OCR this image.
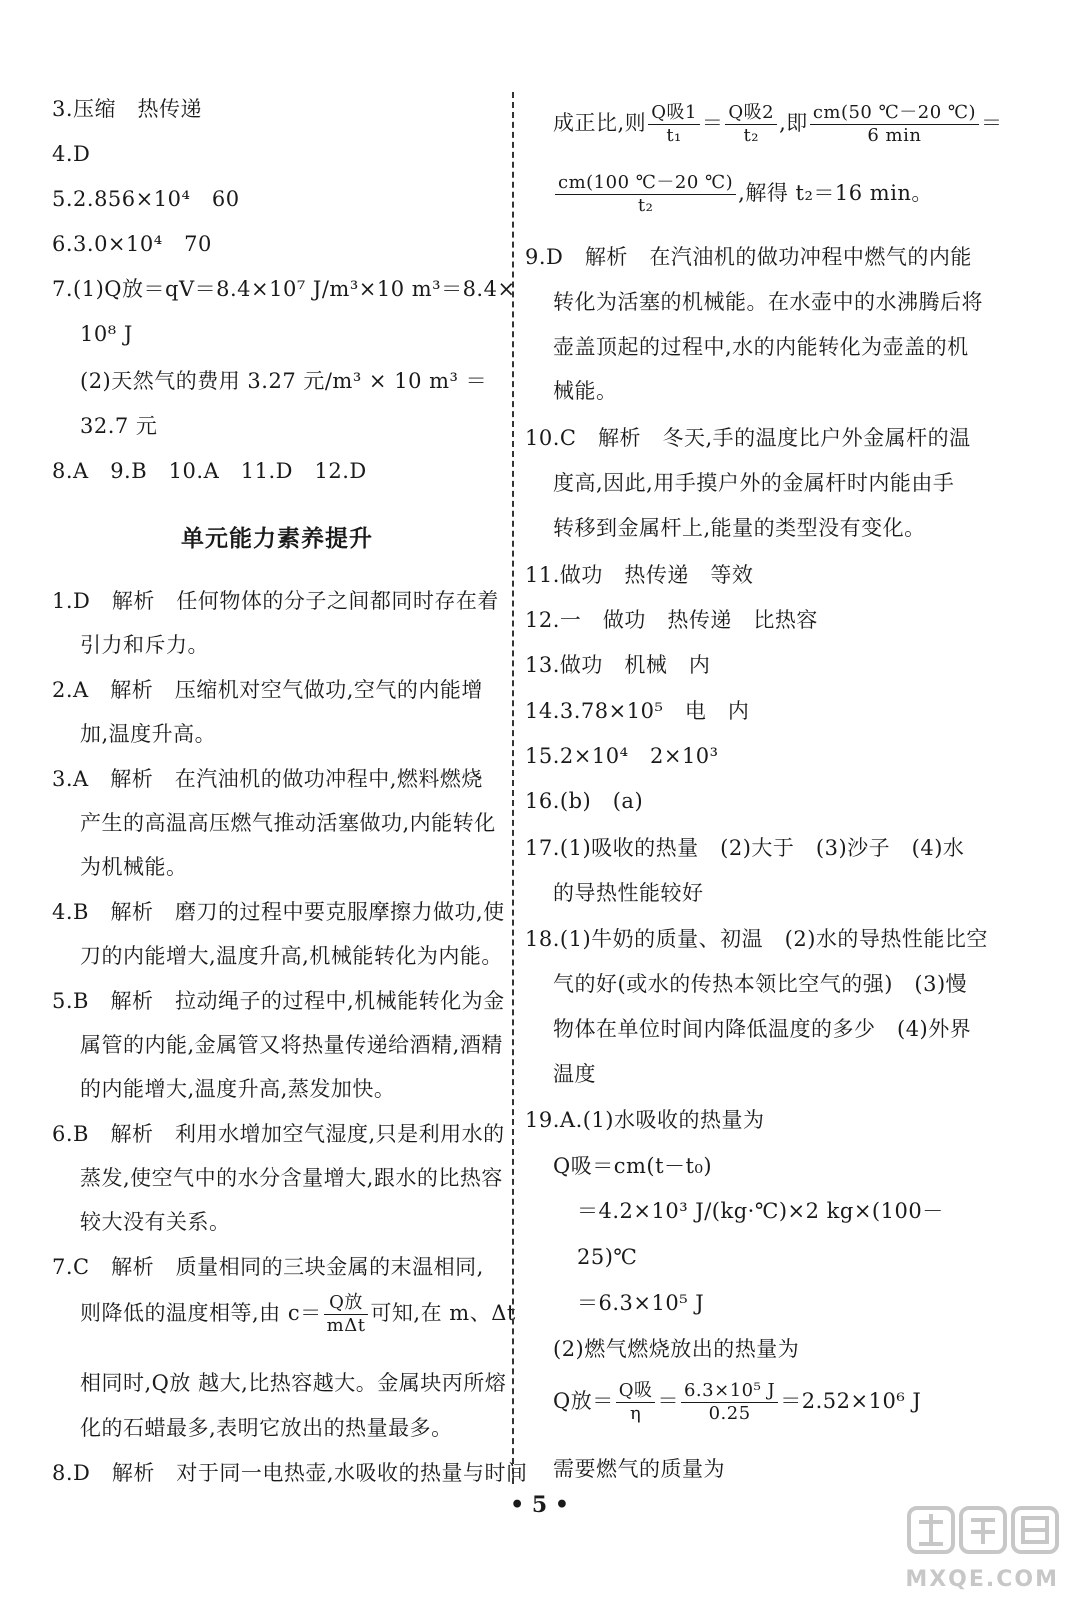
3.压缩　热传递
4.D
5.2.856×10⁴　60
6.3.0×10⁴　70
7.(1)Q放＝qV＝8.4×10⁷ J/m³×10 m³＝8.4×
10⁸ J
(2)天然气的费用 3.27 元/m³ × 10 m³ ＝
32.7 元
8.A　9.B　10.A　11.D　12.D
单元能力素养提升
1.D　解析　任何物体的分子之间都同时存在着
引力和斥力。
2.A　解析　压缩机对空气做功,空气的内能增
加,温度升高。
3.A　解析　在汽油机的做功冲程中,燃料燃烧
产生的高温高压燃气推动活塞做功,内能转化
为机械能。
4.B　解析　磨刀的过程中要克服摩擦力做功,使
刀的内能增大,温度升高,机械能转化为内能。
5.B　解析　拉动绳子的过程中,机械能转化为金
属管的内能,金属管又将热量传递给酒精,酒精
的内能增大,温度升高,蒸发加快。
6.B　解析　利用水增加空气湿度,只是利用水的
蒸发,使空气中的水分含量增大,跟水的比热容
较大没有关系。
7.C　解析　质量相同的三块金属的末温相同,
则降低的温度相等,由 $c= \frac{\text{Q放}}{\text{mΔt}}$ 可知,在 m、Δt
相同时,Q放 越大,比热容越大。金属块丙所熔
化的石蜡最多,表明它放出的热量最多。
8.D　解析　对于同一电热壶,水吸收的热量与时间
成正比,则 $\frac{\text{Q吸1}}{\text{t₁}} = \frac{\text{Q吸2}}{\text{t₂}}$ ,即 $\frac{cm(50 ℃-20 ℃)}{6 \min}$ ＝
$\frac{cm(100 ℃-20 ℃)}{\text{t₂}}$ ,解得 t₂＝16 min。
9.D　解析　在汽油机的做功冲程中燃气的内能
转化为活塞的机械能。在水壶中的水沸腾后将
壶盖顶起的过程中,水的内能转化为壶盖的机
械能。
10.C　解析　冬天,手的温度比户外金属杆的温
度高,因此,用手摸户外的金属杆时内能由手
转移到金属杆上,能量的类型没有变化。
11.做功　热传递　等效
12.一　做功　热传递　比热容
13.做功　机械　内
14.3.78×10⁵　电　内
15.2×10⁴　2×10³
16.(b)　(a)
17.(1)吸收的热量　(2)大于　(3)沙子　(4)水
的导热性能较好
18.(1)牛奶的质量、初温　(2)水的导热性能比空
气的好(或水的传热本领比空气的强)　(3)慢
物体在单位时间内降低温度的多少　(4)外界
温度
19.A.(1)水吸收的热量为
Q吸＝cm(t－t₀)
＝4.2×10³ J/(kg·℃)×2 kg×(100－
25)℃
＝6.3×10⁵ J
(2)燃气燃烧放出的热量为
Q放＝ $\frac{\text{Q吸}}{\eta} = \frac{\text{6.3×10⁵ J}}{0.25} =2.52\times 10^6$ J
需要燃气的质量为
• 5 •
MXQE.COM
